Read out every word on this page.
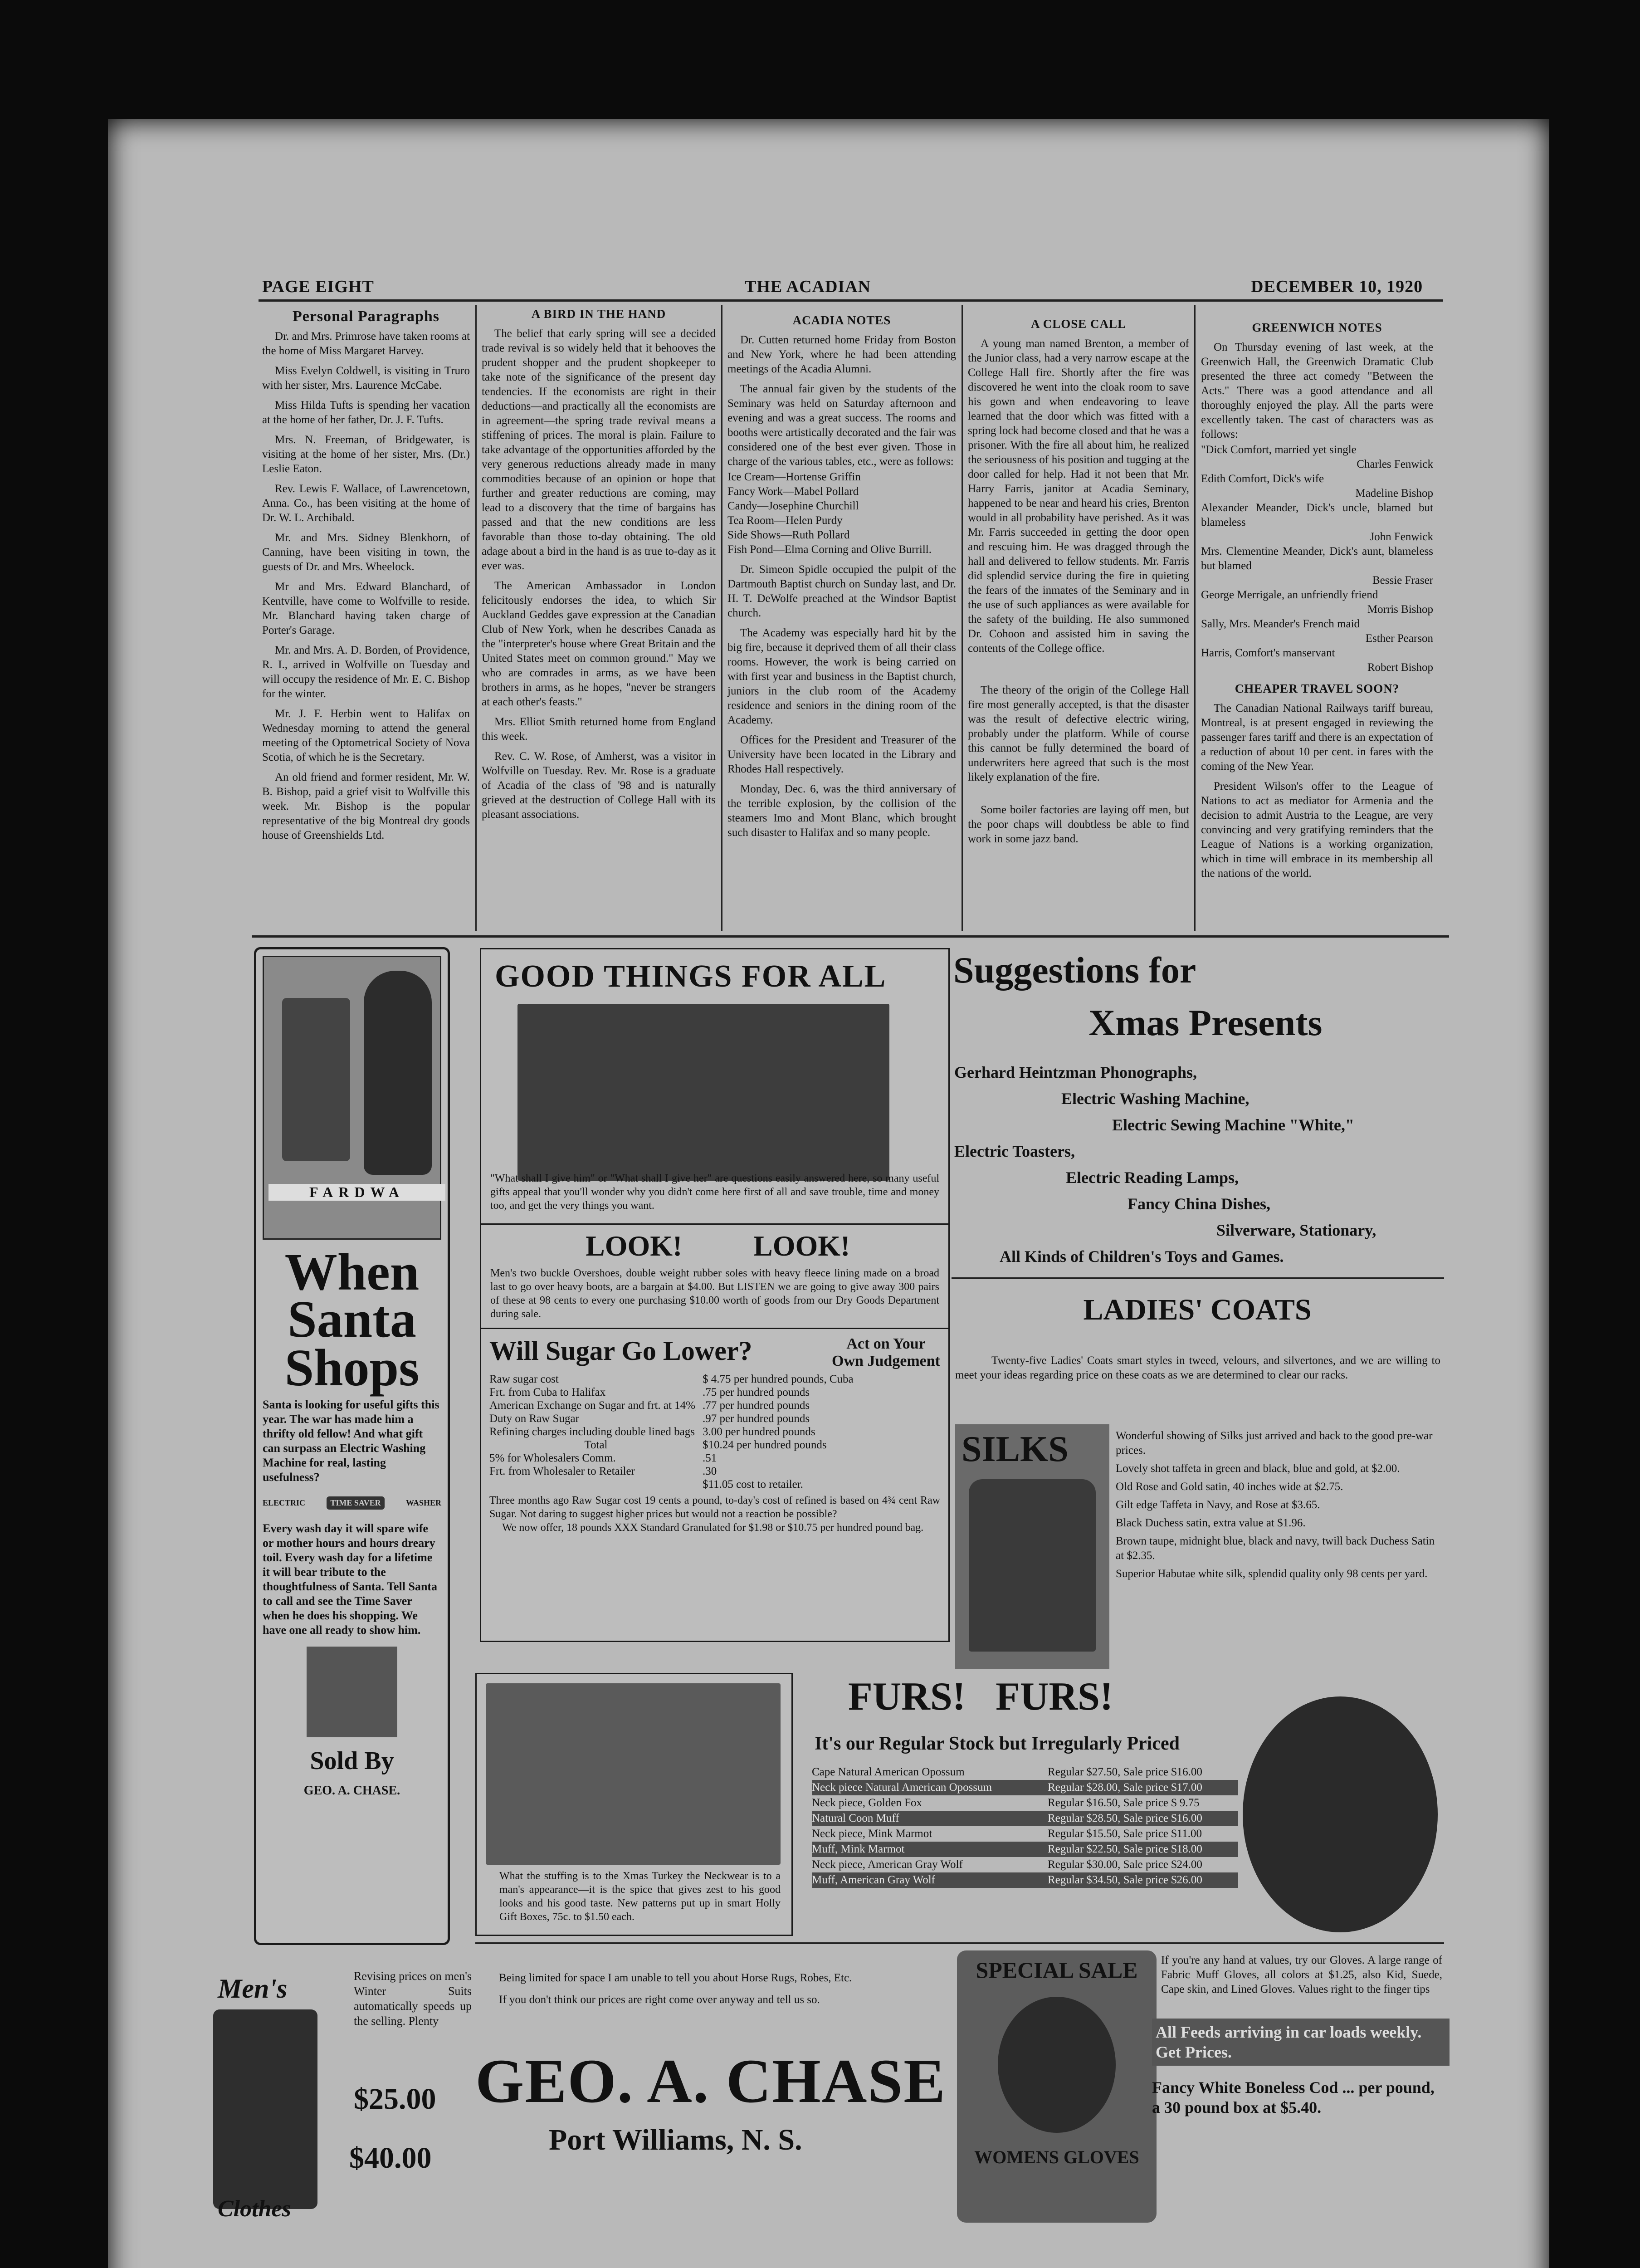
PAGE EIGHT	THE ACADIAN	DECEMBER 10, 1920
Personal Paragraphs

Dr. and Mrs. Primrose have taken rooms at the home of Miss Margaret Harvey.

Miss Evelyn Coldwell, is visiting in Truro with her sister, Mrs. Laurence McCabe.

Miss Hilda Tufts is spending her vacation at the home of her father, Dr. J. F. Tufts.

Mrs. N. Freeman, of Bridgewater, is visiting at the home of her sister, Mrs. (Dr.) Leslie Eaton.

Rev. Lewis F. Wallace, of Lawrencetown, Anna. Co., has been visiting at the home of Dr. W. L. Archibald.

Mr. and Mrs. Sidney Blenkhorn, of Canning, have been visiting in town, the guests of Dr. and Mrs. Wheelock.

Mr and Mrs. Edward Blanchard, of Kentville, have come to Wolfville to reside. Mr. Blanchard having taken charge of Porter's Garage.

Mr. and Mrs. A. D. Borden, of Providence, R. I., arrived in Wolfville on Tuesday and will occupy the residence of Mr. E. C. Bishop for the winter.

Mr. J. F. Herbin went to Halifax on Wednesday morning to attend the general meeting of the Optometrical Society of Nova Scotia, of which he is the Secretary.

An old friend and former resident, Mr. W. B. Bishop, paid a grief visit to Wolfville this week. Mr. Bishop is the popular representative of the big Montreal dry goods house of Greenshields Ltd.

A BIRD IN THE HAND

The belief that early spring will see a decided trade revival is so widely held that it behooves the prudent shopper and the prudent shopkeeper to take note of the significance of the present day tendencies. If the economists are right in their deductions—and practically all the economists are in agreement—the spring trade revival means a stiffening of prices. The moral is plain. Failure to take advantage of the opportunities afforded by the very generous reductions already made in many commodities because of an opinion or hope that further and greater reductions are coming, may lead to a discovery that the time of bargains has passed and that the new conditions are less favorable than those to-day obtaining. The old adage about a bird in the hand is as true to-day as it ever was.

The American Ambassador in London felicitously endorses the idea, to which Sir Auckland Geddes gave expression at the Canadian Club of New York, when he describes Canada as the "interpreter's house where Great Britain and the United States meet on common ground." May we who are comrades in arms, as we have been brothers in arms, as he hopes, "never be strangers at each other's feasts."

Mrs. Elliot Smith returned home from England this week.

Rev. C. W. Rose, of Amherst, was a visitor in Wolfville on Tuesday. Rev. Mr. Rose is a graduate of Acadia of the class of '98 and is naturally grieved at the destruction of College Hall with its pleasant associations.

ACADIA NOTES

Dr. Cutten returned home Friday from Boston and New York, where he had been attending meetings of the Acadia Alumni.

The annual fair given by the students of the Seminary was held on Saturday afternoon and evening and was a great success. The rooms and booths were artistically decorated and the fair was considered one of the best ever given. Those in charge of the various tables, etc., were as follows:

Ice Cream—Hortense Griffin

Fancy Work—Mabel Pollard

Candy—Josephine Churchill

Tea Room—Helen Purdy

Side Shows—Ruth Pollard

Fish Pond—Elma Corning and Olive Burrill.

Dr. Simeon Spidle occupied the pulpit of the Dartmouth Baptist church on Sunday last, and Dr. H. T. DeWolfe preached at the Windsor Baptist church.

The Academy was especially hard hit by the big fire, because it deprived them of all their class rooms. However, the work is being carried on with first year and business in the Baptist church, juniors in the club room of the Academy residence and seniors in the dining room of the Academy.

Offices for the President and Treasurer of the University have been located in the Library and Rhodes Hall respectively.

Monday, Dec. 6, was the third anniversary of the terrible explosion, by the collision of the steamers Imo and Mont Blanc, which brought such disaster to Halifax and so many people.

A CLOSE CALL

A young man named Brenton, a member of the Junior class, had a very narrow escape at the College Hall fire. Shortly after the fire was discovered he went into the cloak room to save his gown and when endeavoring to leave learned that the door which was fitted with a spring lock had become closed and that he was a prisoner. With the fire all about him, he realized the seriousness of his position and tugging at the door called for help. Had it not been that Mr. Harry Farris, janitor at Acadia Seminary, happened to be near and heard his cries, Brenton would in all probability have perished. As it was Mr. Farris succeeded in getting the door open and rescuing him. He was dragged through the hall and delivered to fellow students. Mr. Farris did splendid service during the fire in quieting the fears of the inmates of the Seminary and in the use of such appliances as were available for the safety of the building. He also summoned Dr. Cohoon and assisted him in saving the contents of the College office.

The theory of the origin of the College Hall fire most generally accepted, is that the disaster was the result of defective electric wiring, probably under the platform. While of course this cannot be fully determined the board of underwriters here agreed that such is the most likely explanation of the fire.

Some boiler factories are laying off men, but the poor chaps will doubtless be able to find work in some jazz band.

GREENWICH NOTES

On Thursday evening of last week, at the Greenwich Hall, the Greenwich Dramatic Club presented the three act comedy "Between the Acts." There was a good attendance and all thoroughly enjoyed the play. All the parts were excellently taken. The cast of characters was as follows:

"Dick Comfort, married yet single
Charles Fenwick
Edith Comfort, Dick's wife
Madeline Bishop
Alexander Meander, Dick's uncle, blamed but blameless
John Fenwick
Mrs. Clementine Meander, Dick's aunt, blameless but blamed
Bessie Fraser
George Merrigale, an unfriendly friend
Morris Bishop
Sally, Mrs. Meander's French maid
Esther Pearson
Harris, Comfort's manservant
Robert Bishop
CHEAPER TRAVEL SOON?

The Canadian National Railways tariff bureau, Montreal, is at present engaged in reviewing the passenger fares tariff and there is an expectation of a reduction of about 10 per cent. in fares with the coming of the New Year.

President Wilson's offer to the League of Nations to act as mediator for Armenia and the decision to admit Austria to the League, are very convincing and very gratifying reminders that the League of Nations is a working organization, which in time will embrace in its membership all the nations of the world.

FARDWA
When
Santa
Shops
Santa is looking for useful gifts this year. The war has made him a thrifty old fellow! And what gift can surpass an Electric Washing Machine for real, lasting usefulness?
ELECTRIC	TIME SAVER	WASHER
Every wash day it will spare wife or mother hours and hours dreary toil. Every wash day for a lifetime it will bear tribute to the thoughtfulness of Santa. Tell Santa to call and see the Time Saver when he does his shopping. We have one all ready to show him.
Sold By
GEO. A. CHASE.
GOOD THINGS FOR ALL
"What shall I give him" or "What shall I give her" are questions easily answered here, so many useful gifts appeal that you'll wonder why you didn't come here first of all and save trouble, time and money too, and get the very things you want.
LOOK! LOOK!
Men's two buckle Overshoes, double weight rubber soles with heavy fleece lining made on a broad last to go over heavy boots, are a bargain at $4.00. But LISTEN we are going to give away 300 pairs of these at 98 cents to every one purchasing $10.00 worth of goods from our Dry Goods Department during sale.
Will Sugar Go Lower?	Act on Your
Own Judgement
Raw sugar cost	$ 4.75 per hundred pounds, Cuba
Frt. from Cuba to Halifax	.75 per hundred pounds
American Exchange on Sugar and frt. at 14% .77 per hundred pounds
Duty on Raw Sugar	.97 per hundred pounds
Refining charges including double lined bags 3.00 per hundred pounds
Total	$10.24 per hundred pounds
5% for Wholesalers Comm.	.51
Frt. from Wholesaler to Retailer	.30
$11.05 cost to retailer.
Three months ago Raw Sugar cost 19 cents a pound, to-day's cost of refined is based on 4¾ cent Raw Sugar. Not daring to suggest higher prices but would not a reaction be possible?
We now offer, 18 pounds XXX Standard Granulated for $1.98 or $10.75 per hundred pound bag.
Suggestions for
Xmas Presents
Gerhard Heintzman Phonographs,
Electric Washing Machine,
Electric Sewing Machine "White,"
Electric Toasters,
Electric Reading Lamps,
Fancy China Dishes,
Silverware, Stationary,
All Kinds of Children's Toys and Games.
LADIES' COATS
Twenty-five Ladies' Coats smart styles in tweed, velours, and silvertones, and we are willing to meet your ideas regarding price on these coats as we are determined to clear our racks.
SILKS	Wonderful showing of Silks just arrived and back to the good pre-war prices.

Lovely shot taffeta in green and black, blue and gold, at $2.00.

Old Rose and Gold satin, 40 inches wide at $2.75.

Gilt edge Taffeta in Navy, and Rose at $3.65.

Black Duchess satin, extra value at $1.96.

Brown taupe, midnight blue, black and navy, twill back Duchess Satin at $2.35.

Superior Habutae white silk, splendid quality only 98 cents per yard.

What the stuffing is to the Xmas Turkey the Neckwear is to a man's appearance—it is the spice that gives zest to his good looks and his good taste. New patterns put up in smart Holly Gift Boxes, 75c. to $1.50 each.
FURS!   FURS!
It's our Regular Stock but Irregularly Priced
Cape Natural American Opossum	Regular $27.50, Sale price $16.00
Neck piece Natural American Opossum	Regular $28.00, Sale price $17.00
Neck piece, Golden Fox	Regular $16.50, Sale price $ 9.75
Natural Coon Muff	Regular $28.50, Sale price $16.00
Neck piece, Mink Marmot	Regular $15.50, Sale price $11.00
Muff, Mink Marmot	Regular $22.50, Sale price $18.00
Neck piece, American Gray Wolf	Regular $30.00, Sale price $24.00
Muff, American Gray Wolf	Regular $34.50, Sale price $26.00
Men's
Clothes
Revising prices on men's Winter Suits automatically speeds up the selling. Plenty
$25.00
$40.00
Being limited for space I am unable to tell you about Horse Rugs, Robes, Etc.
If you don't think our prices are right come over anyway and tell us so.
GEO. A. CHASE
Port Williams, N. S.
SPECIAL SALE
WOMENS GLOVES
If you're any hand at values, try our Gloves. A large range of Fabric Muff Gloves, all colors at $1.25, also Kid, Suede, Cape skin, and Lined Gloves. Values right to the finger tips
All Feeds arriving in car loads weekly. Get Prices.
Fancy White Boneless Cod ... per pound, a 30 pound box at $5.40.
